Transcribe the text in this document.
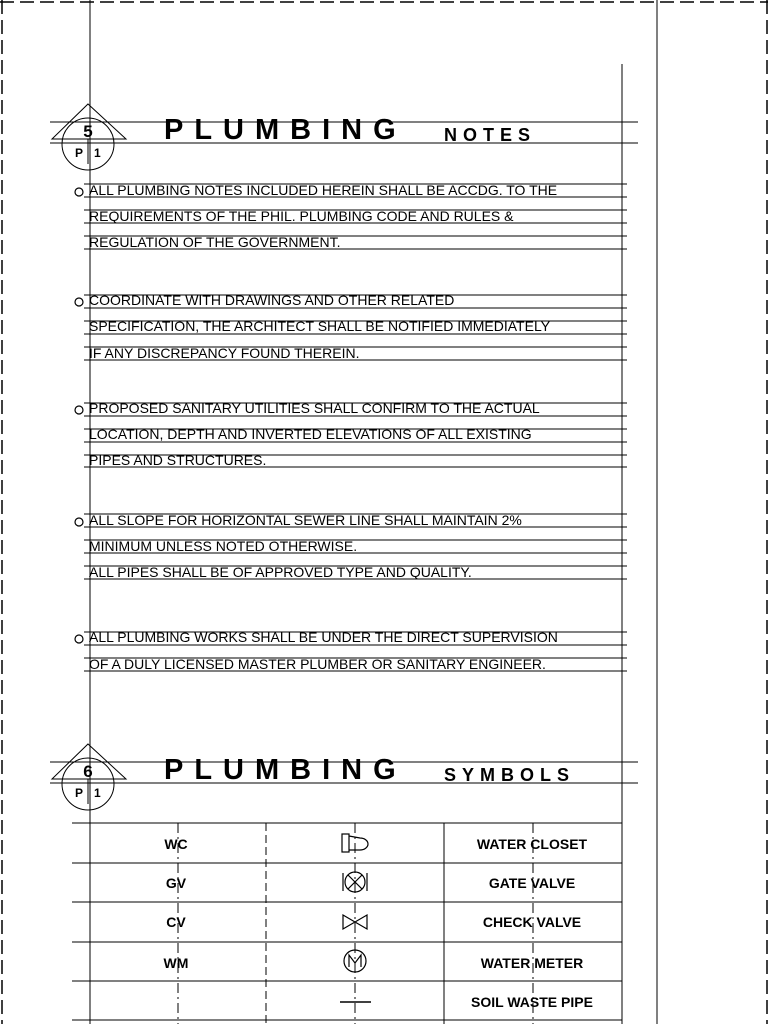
5
P 1
PLUMBING NOTES
ALL PLUMBING NOTES INCLUDED HEREIN SHALL BE ACCDG. TO THE
REQUIREMENTS OF THE PHIL. PLUMBING CODE AND RULES &
REGULATION OF THE GOVERNMENT.
COORDINATE WITH DRAWINGS AND OTHER RELATED
SPECIFICATION, THE ARCHITECT SHALL BE NOTIFIED IMMEDIATELY
IF ANY DISCREPANCY FOUND THEREIN.
PROPOSED SANITARY UTILITIES SHALL CONFIRM TO THE ACTUAL
LOCATION, DEPTH AND INVERTED ELEVATIONS OF ALL EXISTING
PIPES AND STRUCTURES.
ALL SLOPE FOR HORIZONTAL SEWER LINE SHALL MAINTAIN 2%
MINIMUM UNLESS NOTED OTHERWISE.
ALL PIPES SHALL BE OF APPROVED TYPE AND QUALITY.
ALL PLUMBING WORKS SHALL BE UNDER THE DIRECT SUPERVISION
OF A DULY LICENSED MASTER PLUMBER OR SANITARY ENGINEER.
6
P 1
PLUMBING SYMBOLS
WC	WATER CLOSET
GV	GATE VALVE
CV	CHECK VALVE
WM	WATER METER
SOIL WASTE PIPE
